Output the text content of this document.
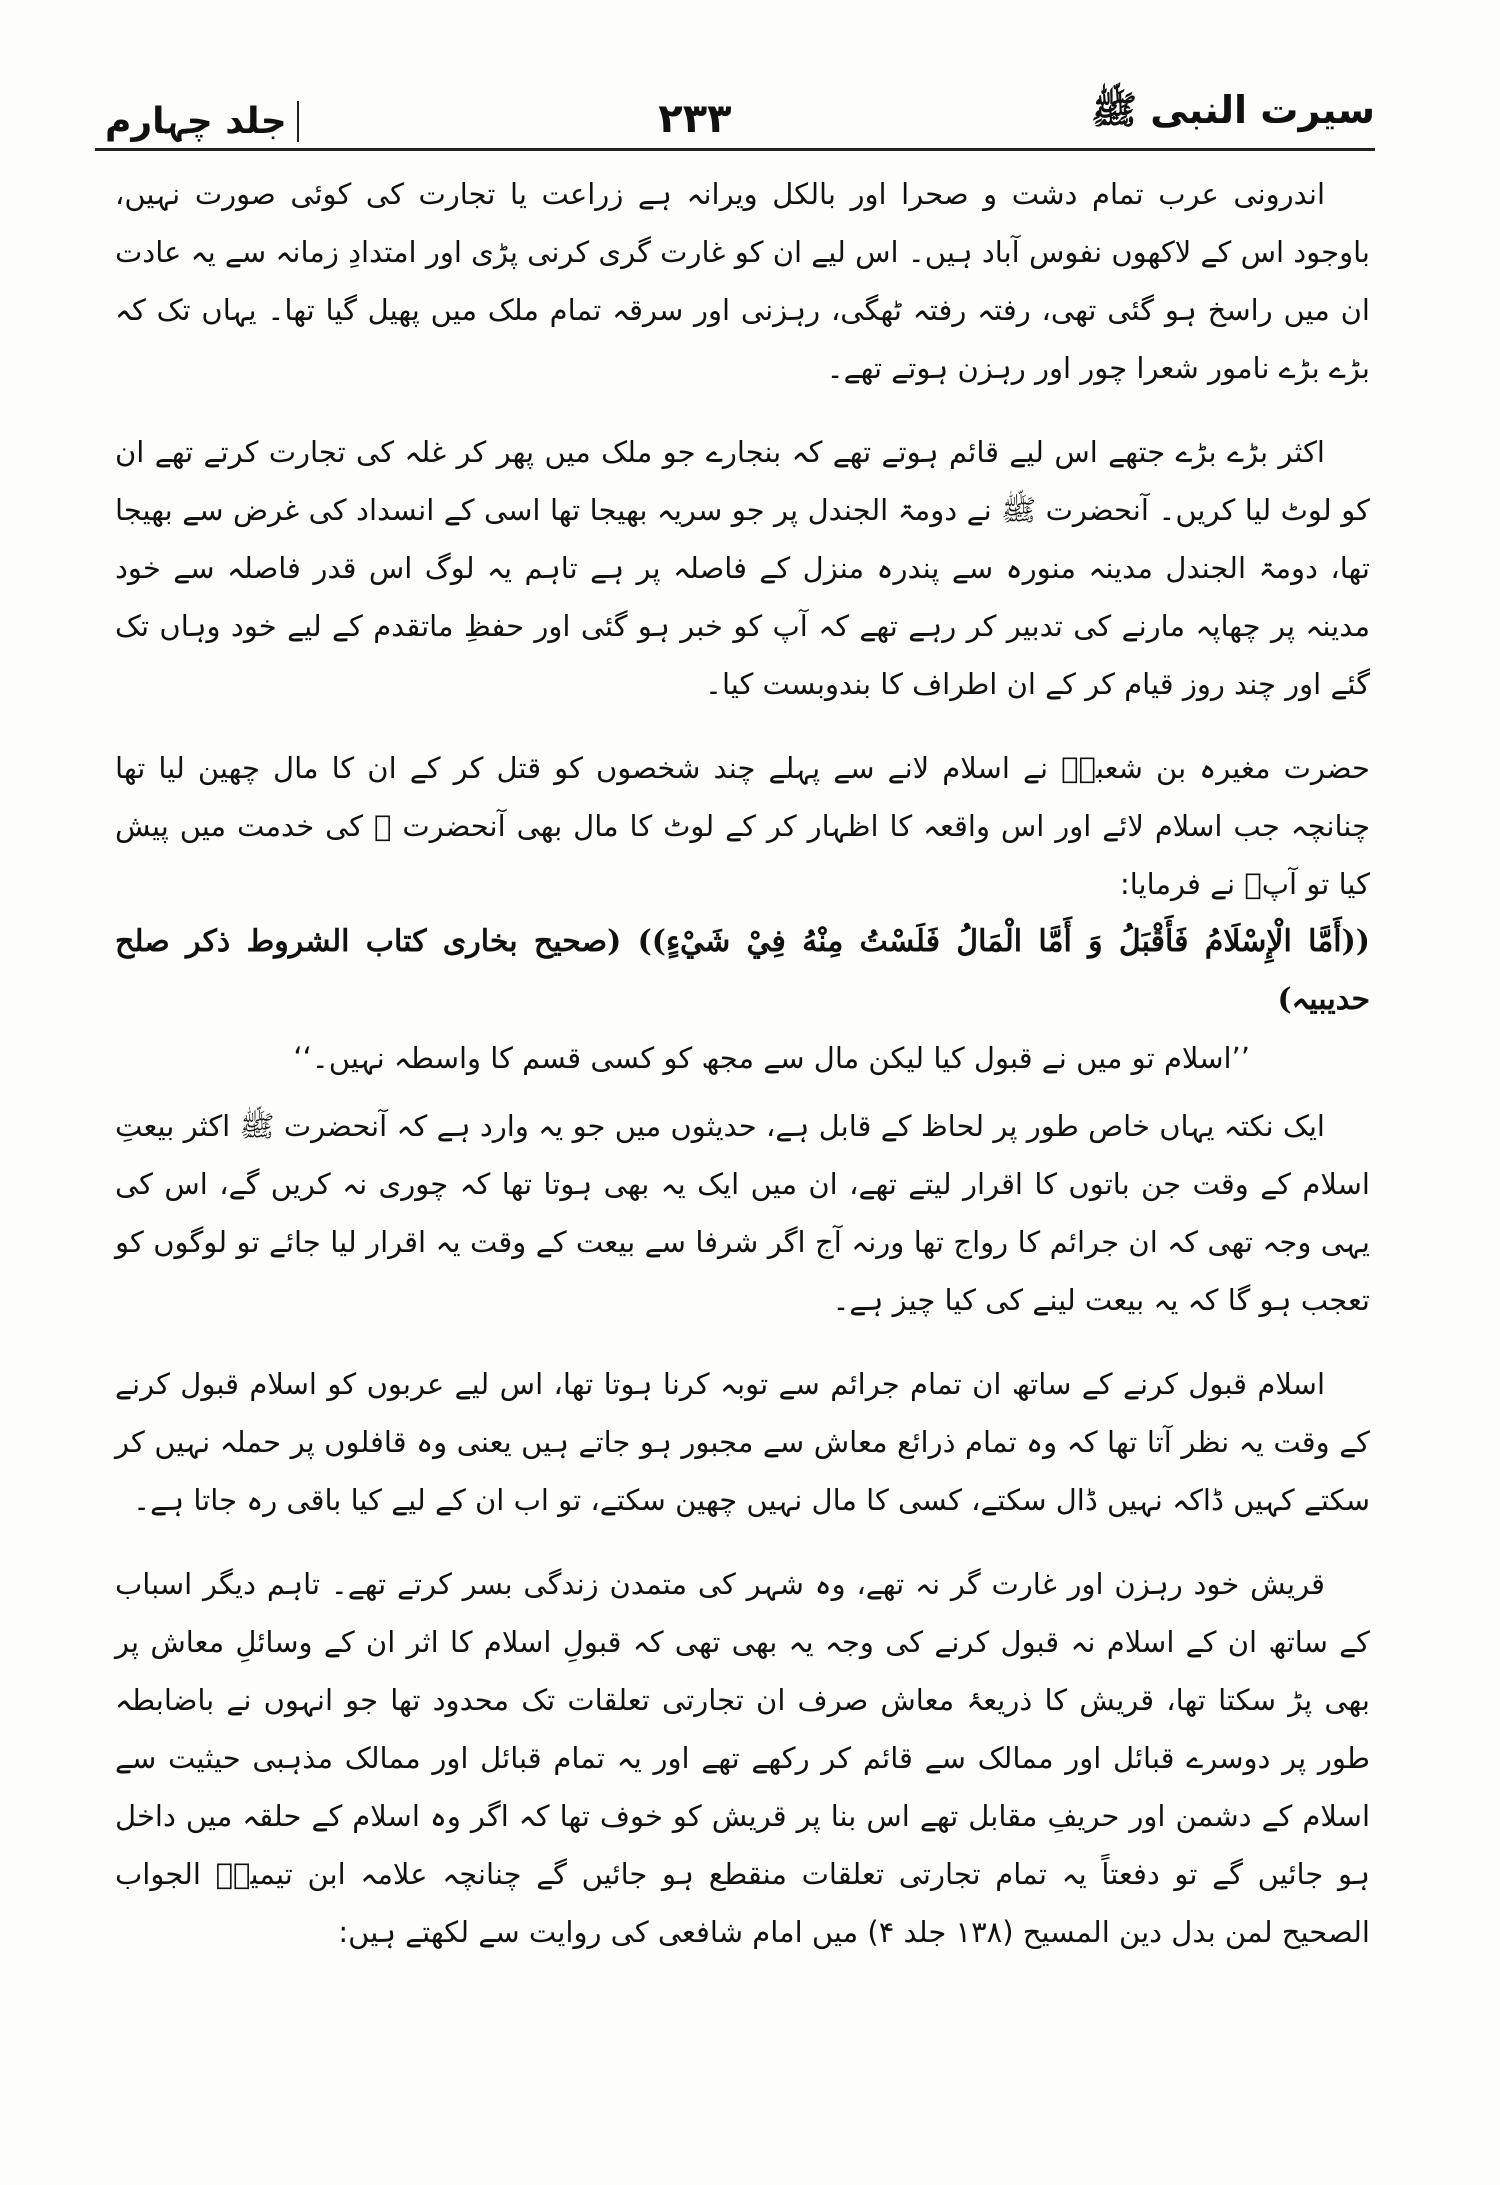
سیرت النبی ﷺ
۲۳۳
جلد چہارم

اندرونی عرب تمام دشت و صحرا اور بالکل ویرانہ ہے زراعت یا تجارت کی کوئی صورت نہیں، باوجود اس کے لاکھوں نفوس آباد ہیں۔ اس لیے ان کو غارت گری کرنی پڑی اور امتدادِ زمانہ سے یہ عادت ان میں راسخ ہو گئی تھی، رفتہ رفتہ ٹھگی، رہزنی اور سرقہ تمام ملک میں پھیل گیا تھا۔ یہاں تک کہ بڑے بڑے نامور شعرا چور اور رہزن ہوتے تھے۔

اکثر بڑے بڑے جتھے اس لیے قائم ہوتے تھے کہ بنجارے جو ملک میں پھر کر غلہ کی تجارت کرتے تھے ان کو لوٹ لیا کریں۔ آنحضرت ﷺ نے دومۃ الجندل پر جو سریہ بھیجا تھا اسی کے انسداد کی غرض سے بھیجا تھا، دومۃ الجندل مدینہ منورہ سے پندرہ منزل کے فاصلہ پر ہے تاہم یہ لوگ اس قدر فاصلہ سے خود مدینہ پر چھاپہ مارنے کی تدبیر کر رہے تھے کہ آپ کو خبر ہو گئی اور حفظِ ماتقدم کے لیے خود وہاں تک گئے اور چند روز قیام کر کے ان اطراف کا بندوبست کیا۔

حضرت مغیرہ بن شعبہؓ نے اسلام لانے سے پہلے چند شخصوں کو قتل کر کے ان کا مال چھین لیا تھا چنانچہ جب اسلام لائے اور اس واقعہ کا اظہار کر کے لوٹ کا مال بھی آنحضرت ﷺ کی خدمت میں پیش کیا تو آپؐ نے فرمایا:

((أَمَّا الْإِسْلَامُ فَأَقْبَلُ وَ أَمَّا الْمَالُ فَلَسْتُ مِنْهُ فِيْ شَيْءٍ)) (صحیح بخاری کتاب الشروط ذکر صلح حدیبیہ)

’’اسلام تو میں نے قبول کیا لیکن مال سے مجھ کو کسی قسم کا واسطہ نہیں۔‘‘

ایک نکتہ یہاں خاص طور پر لحاظ کے قابل ہے، حدیثوں میں جو یہ وارد ہے کہ آنحضرت ﷺ اکثر بیعتِ اسلام کے وقت جن باتوں کا اقرار لیتے تھے، ان میں ایک یہ بھی ہوتا تھا کہ چوری نہ کریں گے، اس کی یہی وجہ تھی کہ ان جرائم کا رواج تھا ورنہ آج اگر شرفا سے بیعت کے وقت یہ اقرار لیا جائے تو لوگوں کو تعجب ہو گا کہ یہ بیعت لینے کی کیا چیز ہے۔

اسلام قبول کرنے کے ساتھ ان تمام جرائم سے توبہ کرنا ہوتا تھا، اس لیے عربوں کو اسلام قبول کرنے کے وقت یہ نظر آتا تھا کہ وہ تمام ذرائع معاش سے مجبور ہو جاتے ہیں یعنی وہ قافلوں پر حملہ نہیں کر سکتے کہیں ڈاکہ نہیں ڈال سکتے، کسی کا مال نہیں چھین سکتے، تو اب ان کے لیے کیا باقی رہ جاتا ہے۔

قریش خود رہزن اور غارت گر نہ تھے، وہ شہر کی متمدن زندگی بسر کرتے تھے۔ تاہم دیگر اسباب کے ساتھ ان کے اسلام نہ قبول کرنے کی وجہ یہ بھی تھی کہ قبولِ اسلام کا اثر ان کے وسائلِ معاش پر بھی پڑ سکتا تھا، قریش کا ذریعۂ معاش صرف ان تجارتی تعلقات تک محدود تھا جو انہوں نے باضابطہ طور پر دوسرے قبائل اور ممالک سے قائم کر رکھے تھے اور یہ تمام قبائل اور ممالک مذہبی حیثیت سے اسلام کے دشمن اور حریفِ مقابل تھے اس بنا پر قریش کو خوف تھا کہ اگر وہ اسلام کے حلقہ میں داخل ہو جائیں گے تو دفعتاً یہ تمام تجارتی تعلقات منقطع ہو جائیں گے چنانچہ علامہ ابن تیمیہؒ الجواب الصحیح لمن بدل دین المسیح (۱۳۸ جلد ۴) میں امام شافعی کی روایت سے لکھتے ہیں:
